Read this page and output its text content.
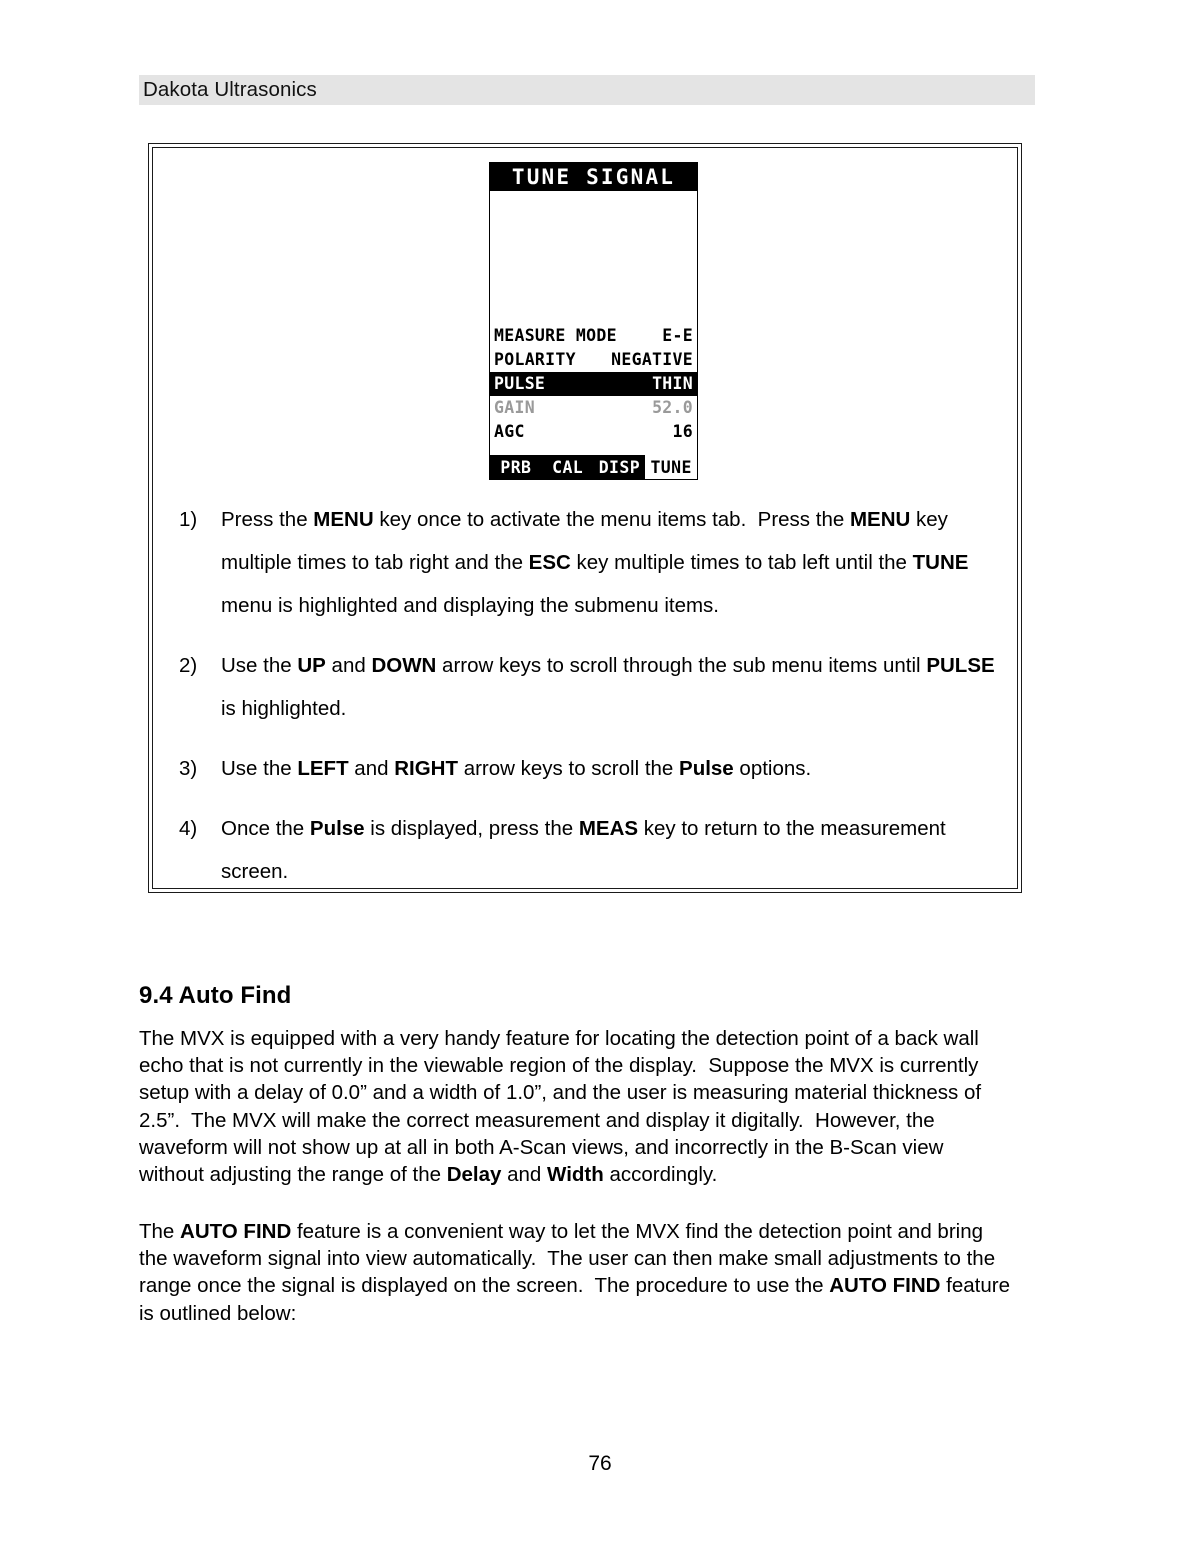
Dakota Ultrasonics
TUNE SIGNAL
MEASURE MODE	E-E
POLARITY NEGATIVE
PULSE	THIN
GAIN	52.0
AGC	16
PRB	CAL DISP TUNE
1)	Press the MENU key once to activate the menu items tab.  Press the MENU key multiple times to tab right and the ESC key multiple times to tab left until the TUNE menu is highlighted and displaying the submenu items.
2)	Use the UP and DOWN arrow keys to scroll through the sub menu items until PULSE is highlighted.
3)	Use the LEFT and RIGHT arrow keys to scroll the Pulse options.
4)	Once the Pulse is displayed, press the MEAS key to return to the measurement screen.
9.4 Auto Find
The MVX is equipped with a very handy feature for locating the detection point of a back wall echo that is not currently in the viewable region of the display.  Suppose the MVX is currently setup with a delay of 0.0” and a width of 1.0”, and the user is measuring material thickness of 2.5”.  The MVX will make the correct measurement and display it digitally.  However, the waveform will not show up at all in both A-Scan views, and incorrectly in the B-Scan view without adjusting the range of the Delay and Width accordingly.
The AUTO FIND feature is a convenient way to let the MVX find the detection point and bring the waveform signal into view automatically.  The user can then make small adjustments to the range once the signal is displayed on the screen.  The procedure to use the AUTO FIND feature is outlined below:
76
